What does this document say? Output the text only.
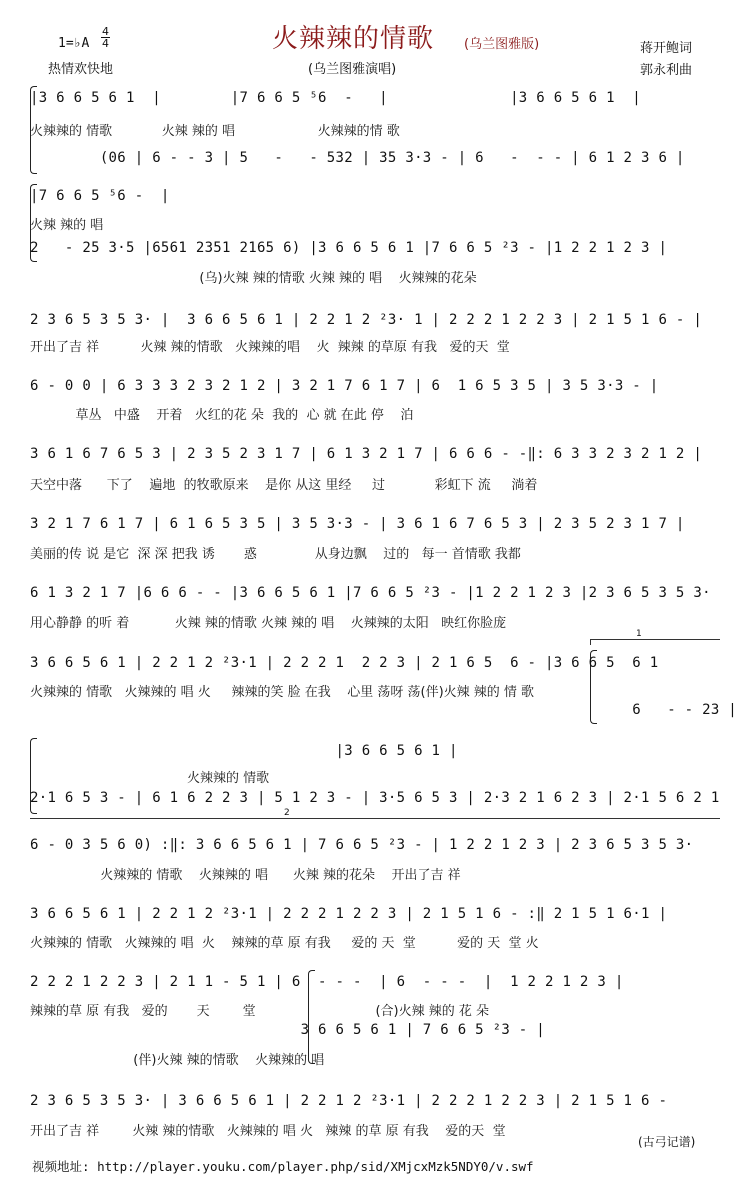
火辣辣的情歌 (乌兰图雅版)
1=♭A
4
4
热情欢快地	(乌兰图雅演唱)
蒋开鲍词
郭永利曲
1
2
|3 6 6 5 6 1  |        |7 6 6 5 ⁵6  -   |              |3 6 6 5 6 1  |
火辣辣的 情歌            火辣 辣的 唱                    火辣辣的情 歌
(06 | 6 - - 3 | 5   -   - 532 | 35 3·3 - | 6   -  - - | 6 1 2 3 6 |
|7 6 6 5 ⁵6 -  |
火辣 辣的 唱
2   - 25 3·5 |6561 2351 2165 6) |3 6 6 5 6 1 |7 6 6 5 ²3 - |1 2 2 1 2 3 |
(乌)火辣 辣的情歌 火辣 辣的 唱    火辣辣的花朵
2 3 6 5 3 5 3· |  3 6 6 5 6 1 | 2 2 1 2 ²3· 1 | 2 2 2 1 2 2 3 | 2 1 5 1 6 - |
开出了吉 祥          火辣 辣的情歌   火辣辣的唱    火  辣辣 的草原 有我   爱的天  堂
6 - 0 0 | 6 3 3 3 2 3 2 1 2 | 3 2 1 7 6 1 7 | 6  1 6 5 3 5 | 3 5 3·3 - |
草丛   中盛    开着   火红的花 朵  我的  心 就 在此 停    泊
3 6 1 6 7 6 5 3 | 2 3 5 2 3 1 7 | 6 1 3 2 1 7 | 6 6 6 - -‖: 6 3 3 2 3 2 1 2 |
天空中落      下了    遍地  的牧歌原来    是你 从这 里经     过            彩虹下 流     淌着
3 2 1 7 6 1 7 | 6 1 6 5 3 5 | 3 5 3·3 - | 3 6 1 6 7 6 5 3 | 2 3 5 2 3 1 7 |
美丽的传 说 是它  深 深 把我 诱       惑              从身边飘    过的   每一 首情歌 我都
6 1 3 2 1 7 |6 6 6 - - |3 6 6 5 6 1 |7 6 6 5 ²3 - |1 2 2 1 2 3 |2 3 6 5 3 5 3·
用心静静 的听 着           火辣 辣的情歌 火辣 辣的 唱    火辣辣的太阳   映红你脸庞
3 6 6 5 6 1 | 2 2 1 2 ²3·1 | 2 2 2 1  2 2 3 | 2 1 6 5  6 - |3 6 6 5  6 1
火辣辣的 情歌   火辣辣的 唱 火     辣辣的笑 脸 在我    心里 荡呀 荡(伴)火辣 辣的 情 歌
6   - - 23 |
|3 6 6 5 6 1 |
火辣辣的 情歌
2·1 6 5 3 - | 6 1 6 2 2 3 | 5 1 2 3 - | 3·5 6 5 3 | 2·3 2 1 6 2 3 | 2·1 5 6 2 1
6 - 0 3 5 6 0) :‖: 3 6 6 5 6 1 | 7 6 6 5 ²3 - | 1 2 2 1 2 3 | 2 3 6 5 3 5 3·
火辣辣的 情歌    火辣辣的 唱      火辣 辣的花朵    开出了吉 祥
3 6 6 5 6 1 | 2 2 1 2 ²3·1 | 2 2 2 1 2 2 3 | 2 1 5 1 6 - :‖ 2 1 5 1 6·1 |
火辣辣的 情歌   火辣辣的 唱  火    辣辣的草 原 有我     爱的 天  堂          爱的 天  堂 火
2 2 2 1 2 2 3 | 2 1 1 - 5 1 | 6  - - -  | 6  - - -  |  1 2 2 1 2 3 |
辣辣的草 原 有我   爱的       天        堂                             (合)火辣 辣的 花 朵
3 6 6 5 6 1 | 7 6 6 5 ²3 - |
(伴)火辣 辣的情歌    火辣辣的 唱
2 3 6 5 3 5 3· | 3 6 6 5 6 1 | 2 2 1 2 ²3·1 | 2 2 2 1 2 2 3 | 2 1 5 1 6 -
开出了吉 祥        火辣 辣的情歌   火辣辣的 唱 火   辣辣 的草 原 有我    爱的天  堂
(古弓记谱)
视频地址: http://player.youku.com/player.php/sid/XMjcxMzk5NDY0/v.swf
